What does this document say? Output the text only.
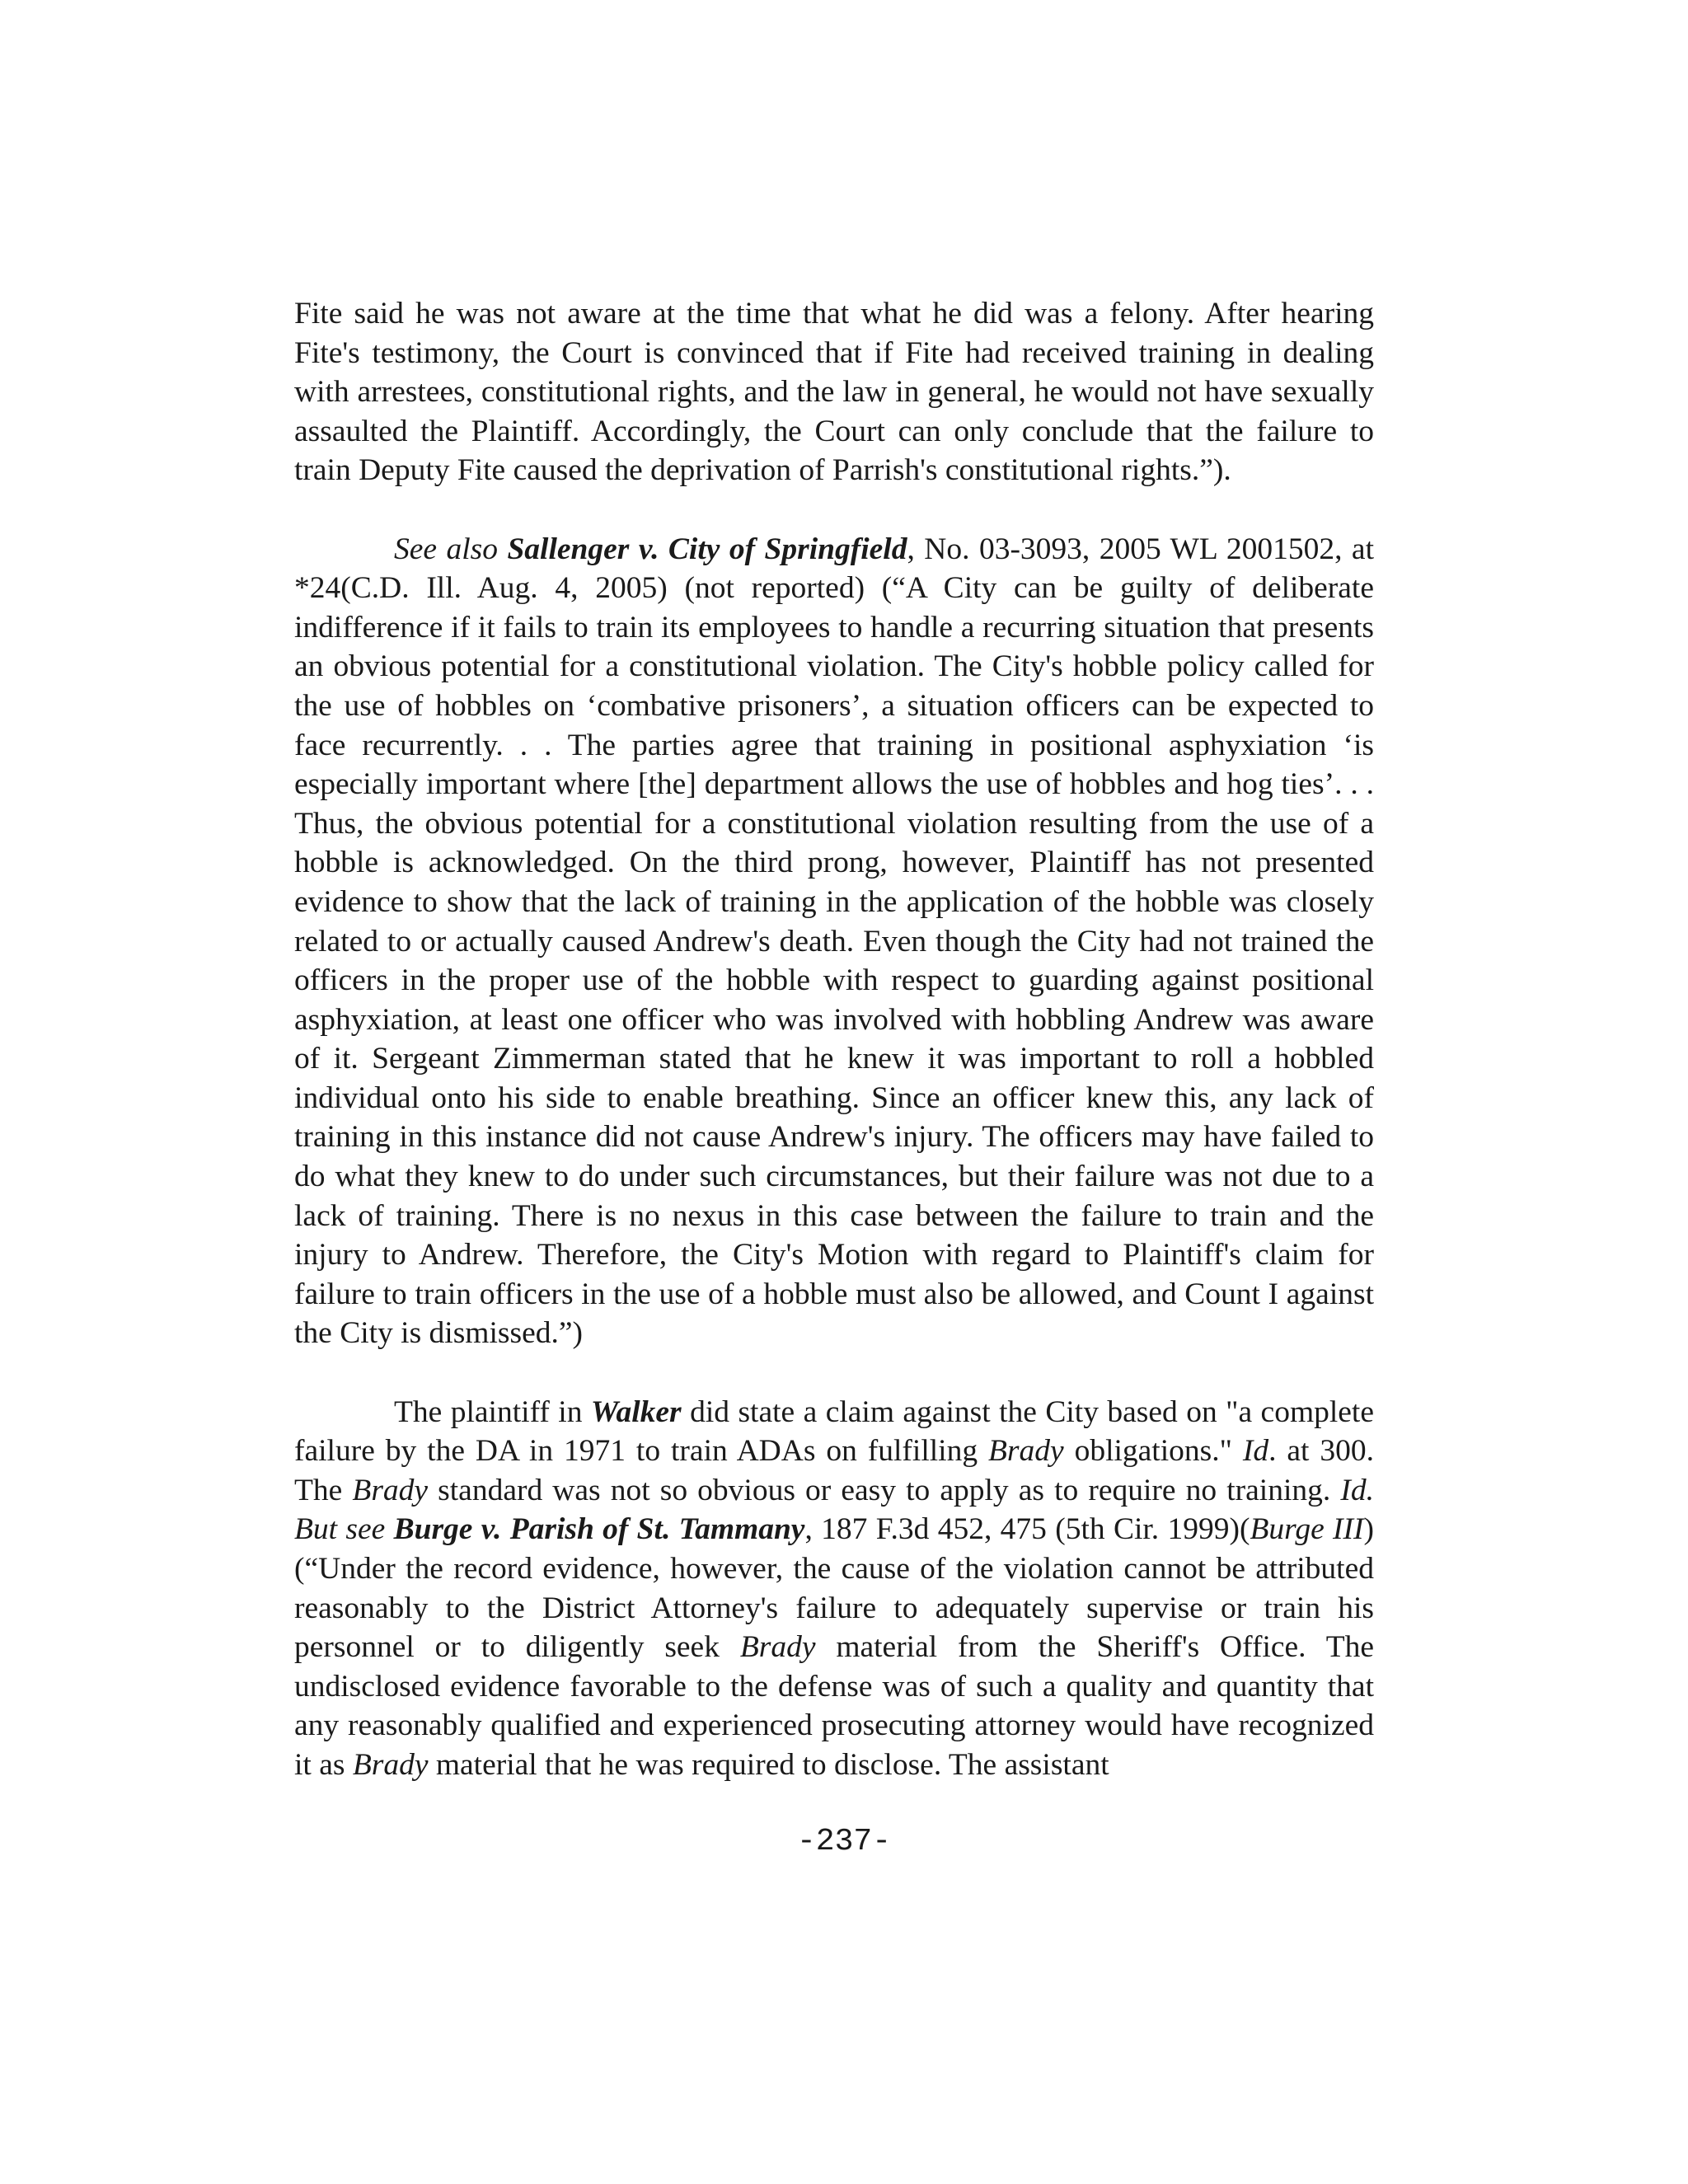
Fite said he was not aware at the time that what he did was a felony. After hearing Fite's testimony, the Court is convinced that if Fite had received training in dealing with arrestees, constitutional rights, and the law in general, he would not have sexually assaulted the Plaintiff. Accordingly, the Court can only conclude that the failure to train Deputy Fite caused the deprivation of Parrish's constitutional rights.”).

See also Sallenger v. City of Springfield, No. 03-3093, 2005 WL 2001502, at *24(C.D. Ill. Aug. 4, 2005) (not reported) (“A City can be guilty of deliberate indifference if it fails to train its employees to handle a recurring situation that presents an obvious potential for a constitutional violation. The City's hobble policy called for the use of hobbles on ‘combative prisoners’, a situation officers can be expected to face recurrently. . . The parties agree that training in positional asphyxiation ‘is especially important where [the] department allows the use of hobbles and hog ties’. . . Thus, the obvious potential for a constitutional violation resulting from the use of a hobble is acknowledged. On the third prong, however, Plaintiff has not presented evidence to show that the lack of training in the application of the hobble was closely related to or actually caused Andrew's death. Even though the City had not trained the officers in the proper use of the hobble with respect to guarding against positional asphyxiation, at least one officer who was involved with hobbling Andrew was aware of it. Sergeant Zimmerman stated that he knew it was important to roll a hobbled individual onto his side to enable breathing. Since an officer knew this, any lack of training in this instance did not cause Andrew's injury. The officers may have failed to do what they knew to do under such circumstances, but their failure was not due to a lack of training. There is no nexus in this case between the failure to train and the injury to Andrew. Therefore, the City's Motion with regard to Plaintiff's claim for failure to train officers in the use of a hobble must also be allowed, and Count I against the City is dismissed.”)

The plaintiff in Walker did state a claim against the City based on "a complete failure by the DA in 1971 to train ADAs on fulfilling Brady obligations." Id. at 300. The Brady standard was not so obvious or easy to apply as to require no training. Id. But see Burge v. Parish of St. Tammany, 187 F.3d 452, 475 (5th Cir. 1999)(Burge III) (“Under the record evidence, however, the cause of the violation cannot be attributed reasonably to the District Attorney's failure to adequately supervise or train his personnel or to diligently seek Brady material from the Sheriff's Office. The undisclosed evidence favorable to the defense was of such a quality and quantity that any reasonably qualified and experienced prosecuting attorney would have recognized it as Brady material that he was required to disclose. The assistant

-237-
